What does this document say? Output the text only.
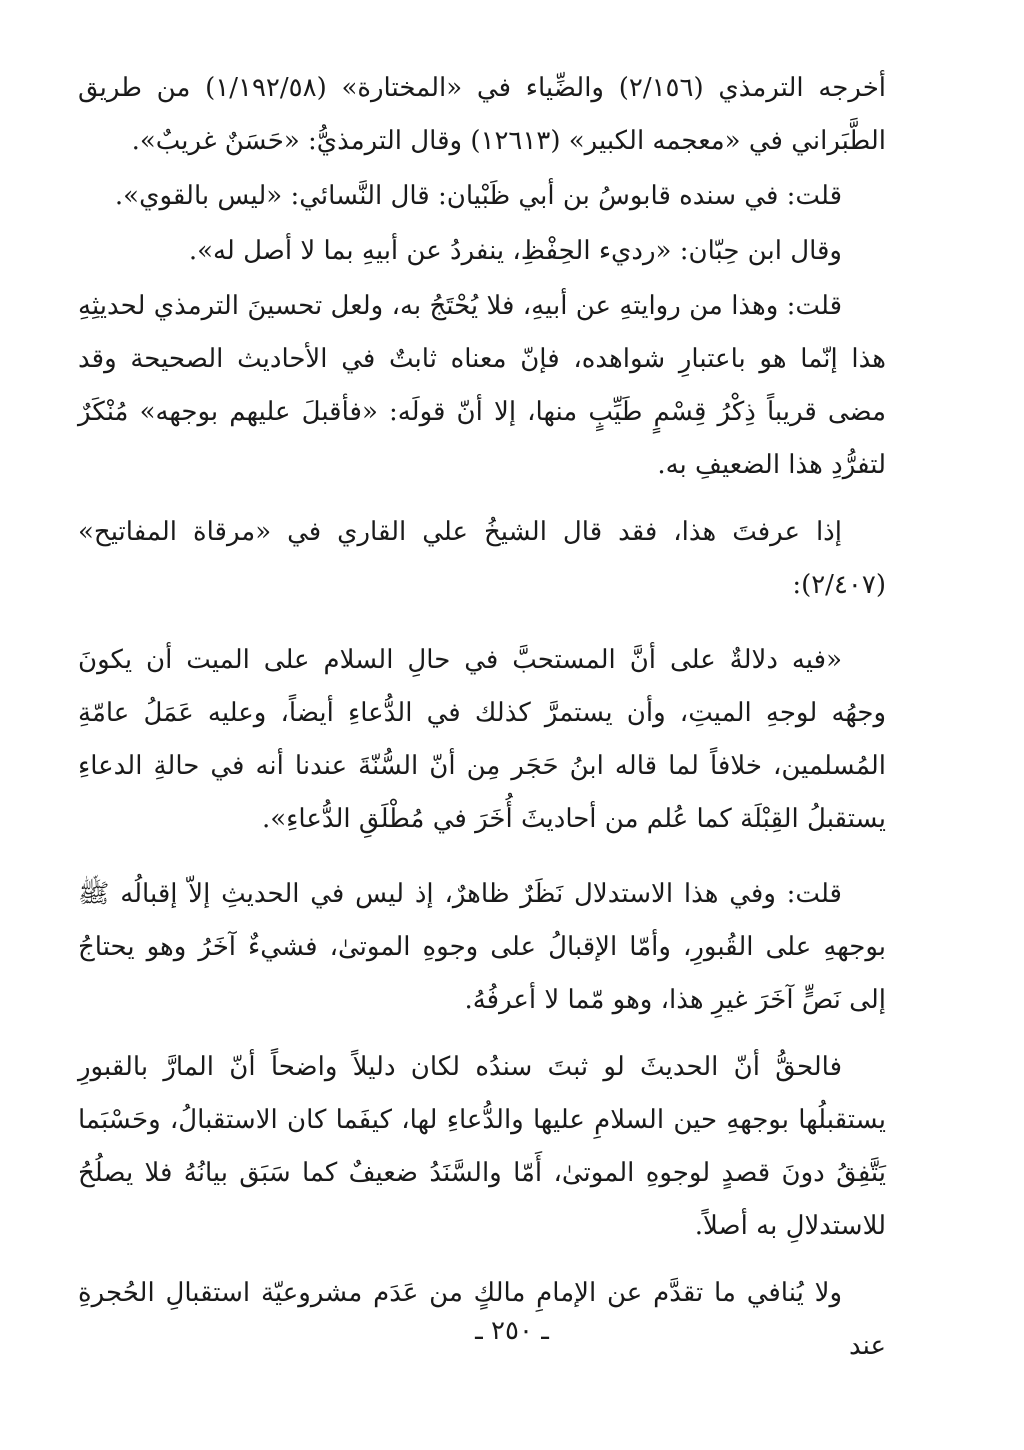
أخرجه الترمذي (٢/١٥٦) والضِّياء في «المختارة» (١/١٩٢/٥٨) من طريق الطَّبَراني في «معجمه الكبير» (١٢٦١٣) وقال الترمذيُّ: «حَسَنٌ غريبٌ».

قلت: في سنده قابوسُ بن أبي ظَبْيان: قال النَّسائي: «ليس بالقوي».

وقال ابن حِبّان: «رديء الحِفْظِ، ينفردُ عن أبيهِ بما لا أصل له».

قلت: وهذا من روايتهِ عن أبيهِ، فلا يُحْتَجُ به، ولعل تحسينَ الترمذي لحديثِهِ هذا إنّما هو باعتبارِ شواهده، فإنّ معناه ثابتٌ في الأحاديث الصحيحة وقد مضى قريباً ذِكْرُ قِسْمٍ طَيِّبٍ منها، إلا أنّ قولَه: «فأقبلَ عليهم بوجهه» مُنْكَرٌ لتفرُّدِ هذا الضعيفِ به.

إذا عرفتَ هذا، فقد قال الشيخُ علي القاري في «مرقاة المفاتيح» (٢/٤٠٧):

«فيه دلالةٌ على أنَّ المستحبَّ في حالِ السلام على الميت أن يكونَ وجهُه لوجهِ الميتِ، وأن يستمرَّ كذلك في الدُّعاءِ أيضاً، وعليه عَمَلُ عامّةِ المُسلمين، خلافاً لما قاله ابنُ حَجَر مِن أنّ السُّنّةَ عندنا أنه في حالةِ الدعاءِ يستقبلُ القِبْلَة كما عُلم من أحاديثَ أُخَرَ في مُطْلَقِ الدُّعاءِ».

قلت: وفي هذا الاستدلال نَظَرٌ ظاهرٌ، إذ ليس في الحديثِ إلاّ إقبالُه ﷺ بوجههِ على القُبورِ، وأمّا الإقبالُ على وجوهِ الموتىٰ، فشيءٌ آخَرُ وهو يحتاجُ إلى نَصٍّ آخَرَ غيرِ هذا، وهو مّما لا أعرفُهُ.

فالحقُّ أنّ الحديثَ لو ثبتَ سندُه لكان دليلاً واضحاً أنّ المارَّ بالقبورِ يستقبلُها بوجههِ حين السلامِ عليها والدُّعاءِ لها، كيفَما كان الاستقبالُ، وحَسْبَما يَتَّفِقُ دونَ قصدٍ لوجوهِ الموتىٰ، أَمّا والسَّنَدُ ضعيفٌ كما سَبَق بيانُهُ فلا يصلُحُ للاستدلالِ به أصلاً.

ولا يُنافي ما تقدَّم عن الإمامِ مالكٍ من عَدَم مشروعيّة استقبالِ الحُجرةِ عند

ـ ٢٥٠ ـ
